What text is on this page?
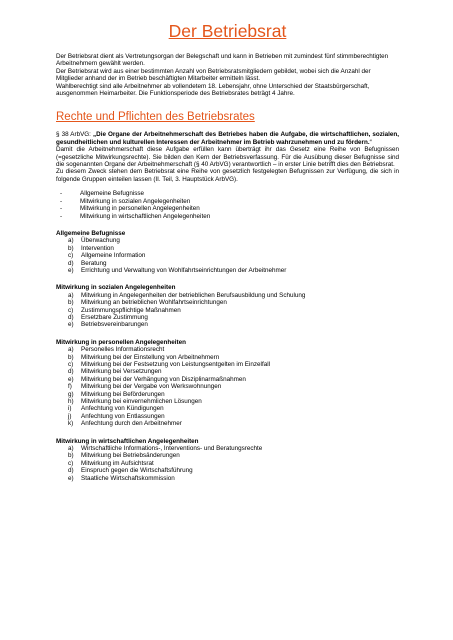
Der Betriebsrat

Der Betriebsrat dient als Vertretungsorgan der Belegschaft und kann in Betrieben mit zumindest fünf stimmberechtigten Arbeitnehmern gewählt werden.

Der Betriebsrat wird aus einer bestimmten Anzahl von Betriebsratsmitgliedern gebildet, wobei sich die Anzahl der Mitglieder anhand der im Betrieb beschäftigten Mitarbeiter ermitteln lässt.

Wahlberechtigt sind alle Arbeitnehmer ab vollendetem 18. Lebensjahr, ohne Unterschied der Staatsbürgerschaft, ausgenommen Heimarbeiter. Die Funktionsperiode des Betriebsrates beträgt 4 Jahre.

Rechte und Pflichten des Betriebsrates

§ 38 ArbVG: „Die Organe der Arbeitnehmerschaft des Betriebes haben die Aufgabe, die wirtschaftlichen, sozialen, gesundheitlichen und kulturellen Interessen der Arbeitnehmer im Betrieb wahrzunehmen und zu fördern.“

Damit die Arbeitnehmerschaft diese Aufgabe erfüllen kann überträgt ihr das Gesetz eine Reihe von Befugnissen (=gesetzliche Mitwirkungsrechte). Sie bilden den Kern der Betriebsverfassung. Für die Ausübung dieser Befugnisse sind die sogenannten Organe der Arbeitnehmerschaft (§ 40 ArbVG) verantwortlich – in erster Linie betrifft dies den Betriebsrat.

Zu diesem Zweck stehen dem Betriebsrat eine Reihe von gesetzlich festgelegten Befugnissen zur Verfügung, die sich in folgende Gruppen einteilen lassen (II. Teil, 3. Hauptstück ArbVG).

-	Allgemeine Befugnisse
-	Mitwirkung in sozialen Angelegenheiten
-	Mitwirkung in personellen Angelegenheiten
-	Mitwirkung in wirtschaftlichen Angelegenheiten

Allgemeine Befugnisse

a) Überwachung
b) Intervention
c) Allgemeine Information
d) Beratung
e) Errichtung und Verwaltung von Wohlfahrtseinrichtungen der Arbeitnehmer

Mitwirkung in sozialen Angelegenheiten

a) Mitwirkung in Angelegenheiten der betrieblichen Berufsausbildung und Schulung
b) Mitwirkung an betrieblichen Wohlfahrtseinrichtungen
c) Zustimmungspflichtige Maßnahmen
d) Ersetzbare Zustimmung
e) Betriebsvereinbarungen

Mitwirkung in personellen Angelegenheiten

a) Personelles Informationsrecht
b) Mitwirkung bei der Einstellung von Arbeitnehmern
c) Mitwirkung bei der Festsetzung von Leistungsentgelten im Einzelfall
d) Mitwirkung bei Versetzungen
e) Mitwirkung bei der Verhängung von Disziplinarmaßnahmen
f) Mitwirkung bei der Vergabe von Werkswohnungen
g) Mitwirkung bei Beförderungen
h) Mitwirkung bei einvernehmlichen Lösungen
i) Anfechtung von Kündigungen
j) Anfechtung von Entlassungen
k) Anfechtung durch den Arbeitnehmer

Mitwirkung in wirtschaftlichen Angelegenheiten

a) Wirtschaftliche Informations-, Interventions- und Beratungsrechte
b) Mitwirkung bei Betriebsänderungen
c) Mitwirkung im Aufsichtsrat
d) Einspruch gegen die Wirtschaftsführung
e) Staatliche Wirtschaftskommission
